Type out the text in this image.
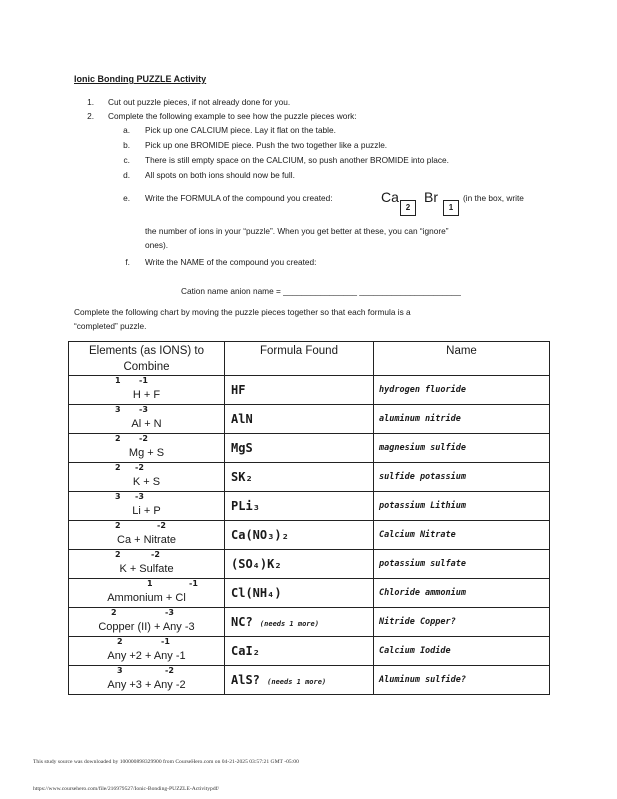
Ionic Bonding PUZZLE Activity
1. Cut out puzzle pieces, if not already done for you.
2. Complete the following example to see how the puzzle pieces work:
a. Pick up one CALCIUM piece. Lay it flat on the table.
b. Pick up one BROMIDE piece. Push the two together like a puzzle.
c. There is still empty space on the CALCIUM, so push another BROMIDE into place.
d. All spots on both ions should now be full.
e. Write the FORMULA of the compound you created:	Ca
2
Br
1
(in the box, write
the number of ions in your “puzzle”. When you get better at these, you can “ignore”
ones).
f. Write the NAME of the compound you created:
Cation name anion name = ________________ ______________________
Complete the following chart by moving the puzzle pieces together so that each formula is a
“completed” puzzle.
Elements (as IONS) to Combine	Formula Found	Name

1 -1
H + F	HF	hydrogen fluoride

3 -3
Al + N	AlN	aluminum nitride

2 -2
Mg + S	MgS	magnesium sulfide

2 -2
K + S	SK₂	sulfide potassium

3 -3
Li + P	PLi₃	potassium Lithium

2 -2
Ca + Nitrate	Ca(NO₃)₂	Calcium Nitrate

2 -2
K + Sulfate	(SO₄)K₂	potassium sulfate

1 -1
Ammonium + Cl	Cl(NH₄)	Chloride ammonium

2 -3
Copper (II) + Any -3	NC? (needs 1 more)	Nitride Copper?

2 -1
Any +2 + Any -1	CaI₂	Calcium Iodide

3 -2
Any +3 + Any -2	AlS? (needs 1 more)	Aluminum sulfide?
This study source was downloaded by 100000898329900 from CourseHero.com on 04-21-2025 03:57:21 GMT -05:00
https://www.coursehero.com/file/216979527/Ionic-Bonding-PUZZLE-Activitypdf/
